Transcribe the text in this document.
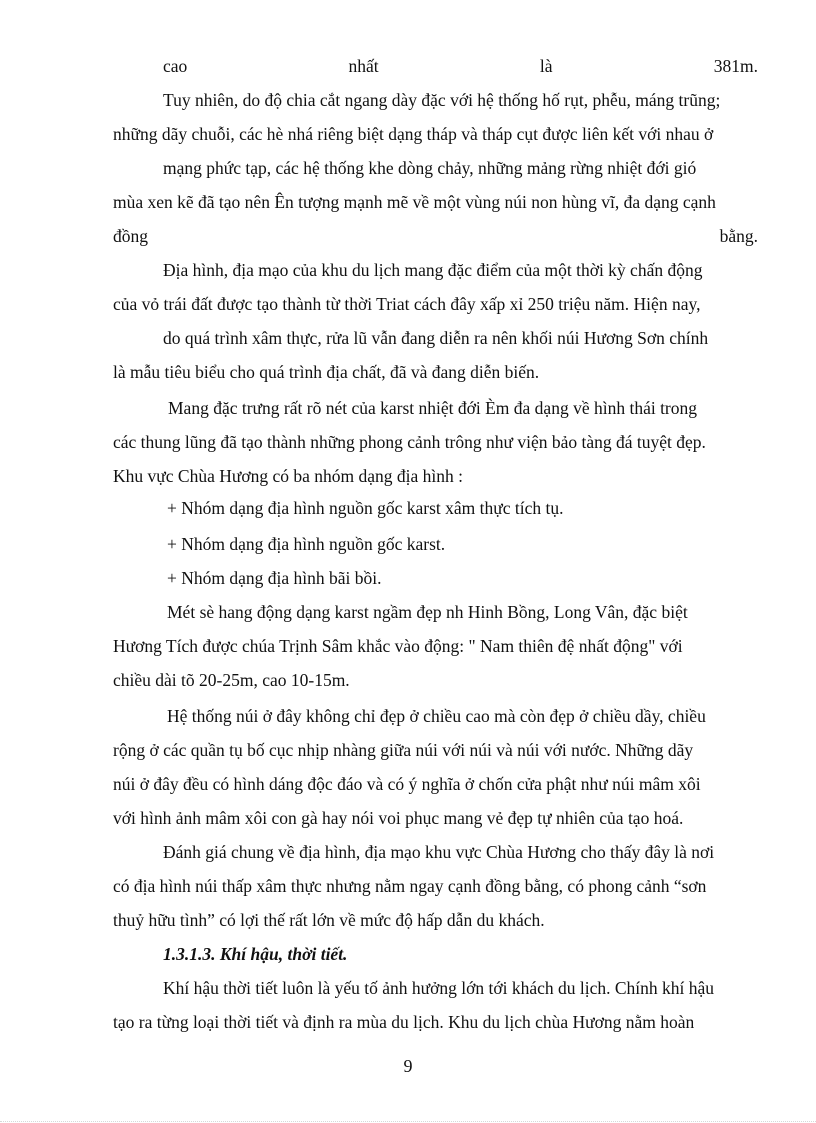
cao	nhất	là	381m.
Tuy nhiên, do độ chia cắt ngang dày đặc với hệ thống hố rụt, phễu, máng trũng;
những dãy chuỗi, các hè nhá riêng biệt dạng tháp và tháp cụt được liên kết với nhau ở
mạng phức tạp, các hệ thống khe dòng chảy, những mảng rừng nhiệt đới gió
mùa xen kẽ đã tạo nên Ên tượng mạnh mẽ về một vùng núi non hùng vĩ, đa dạng cạnh
đồng	bằng.
Địa hình, địa mạo của khu du lịch mang đặc điểm của một thời kỳ chấn động
của vỏ trái đất được tạo thành từ thời Triat cách đây xấp xỉ 250 triệu năm. Hiện nay,
do quá trình xâm thực, rửa lũ vẫn đang diễn ra nên khối núi Hương Sơn chính
là mẫu tiêu biểu cho quá trình địa chất, đã và đang diễn biến.
Mang đặc trưng rất rõ nét của karst nhiệt đới Èm đa dạng về hình thái trong
các thung lũng đã tạo thành những phong cảnh trông như viện bảo tàng đá tuyệt đẹp.
Khu vực Chùa Hương có ba nhóm dạng địa hình :
+ Nhóm dạng địa hình nguồn gốc karst xâm thực tích tụ.
+ Nhóm dạng địa hình nguồn gốc karst.
+ Nhóm dạng địa hình bãi bồi.
Mét sè hang động dạng karst ngầm đẹp nh Hinh Bồng, Long Vân, đặc biệt
Hương Tích được chúa Trịnh Sâm khắc vào động: " Nam thiên đệ nhất động" với
chiều dài tõ 20-25m, cao 10-15m.
Hệ thống núi ở đây không chỉ đẹp ở chiều cao mà còn đẹp ở chiều dầy, chiều
rộng ở các quần tụ bố cục nhịp nhàng giữa núi với núi và núi với nước. Những dãy
núi ở đây đều có hình dáng độc đáo và có ý nghĩa ở chốn cửa phật như núi mâm xôi
với hình ảnh mâm xôi con gà hay nói voi phục mang vẻ đẹp tự nhiên của tạo hoá.
Đánh giá chung về địa hình, địa mạo khu vực Chùa Hương cho thấy đây là nơi
có địa hình núi thấp xâm thực nhưng nằm ngay cạnh đồng bằng, có phong cảnh “sơn
thuỷ hữu tình” có lợi thế rất lớn về mức độ hấp dẫn du khách.
1.3.1.3. Khí hậu, thời tiết.
Khí hậu thời tiết luôn là yếu tố ảnh hưởng lớn tới khách du lịch. Chính khí hậu
tạo ra từng loại thời tiết và định ra mùa du lịch. Khu du lịch chùa Hương nằm hoàn
9
